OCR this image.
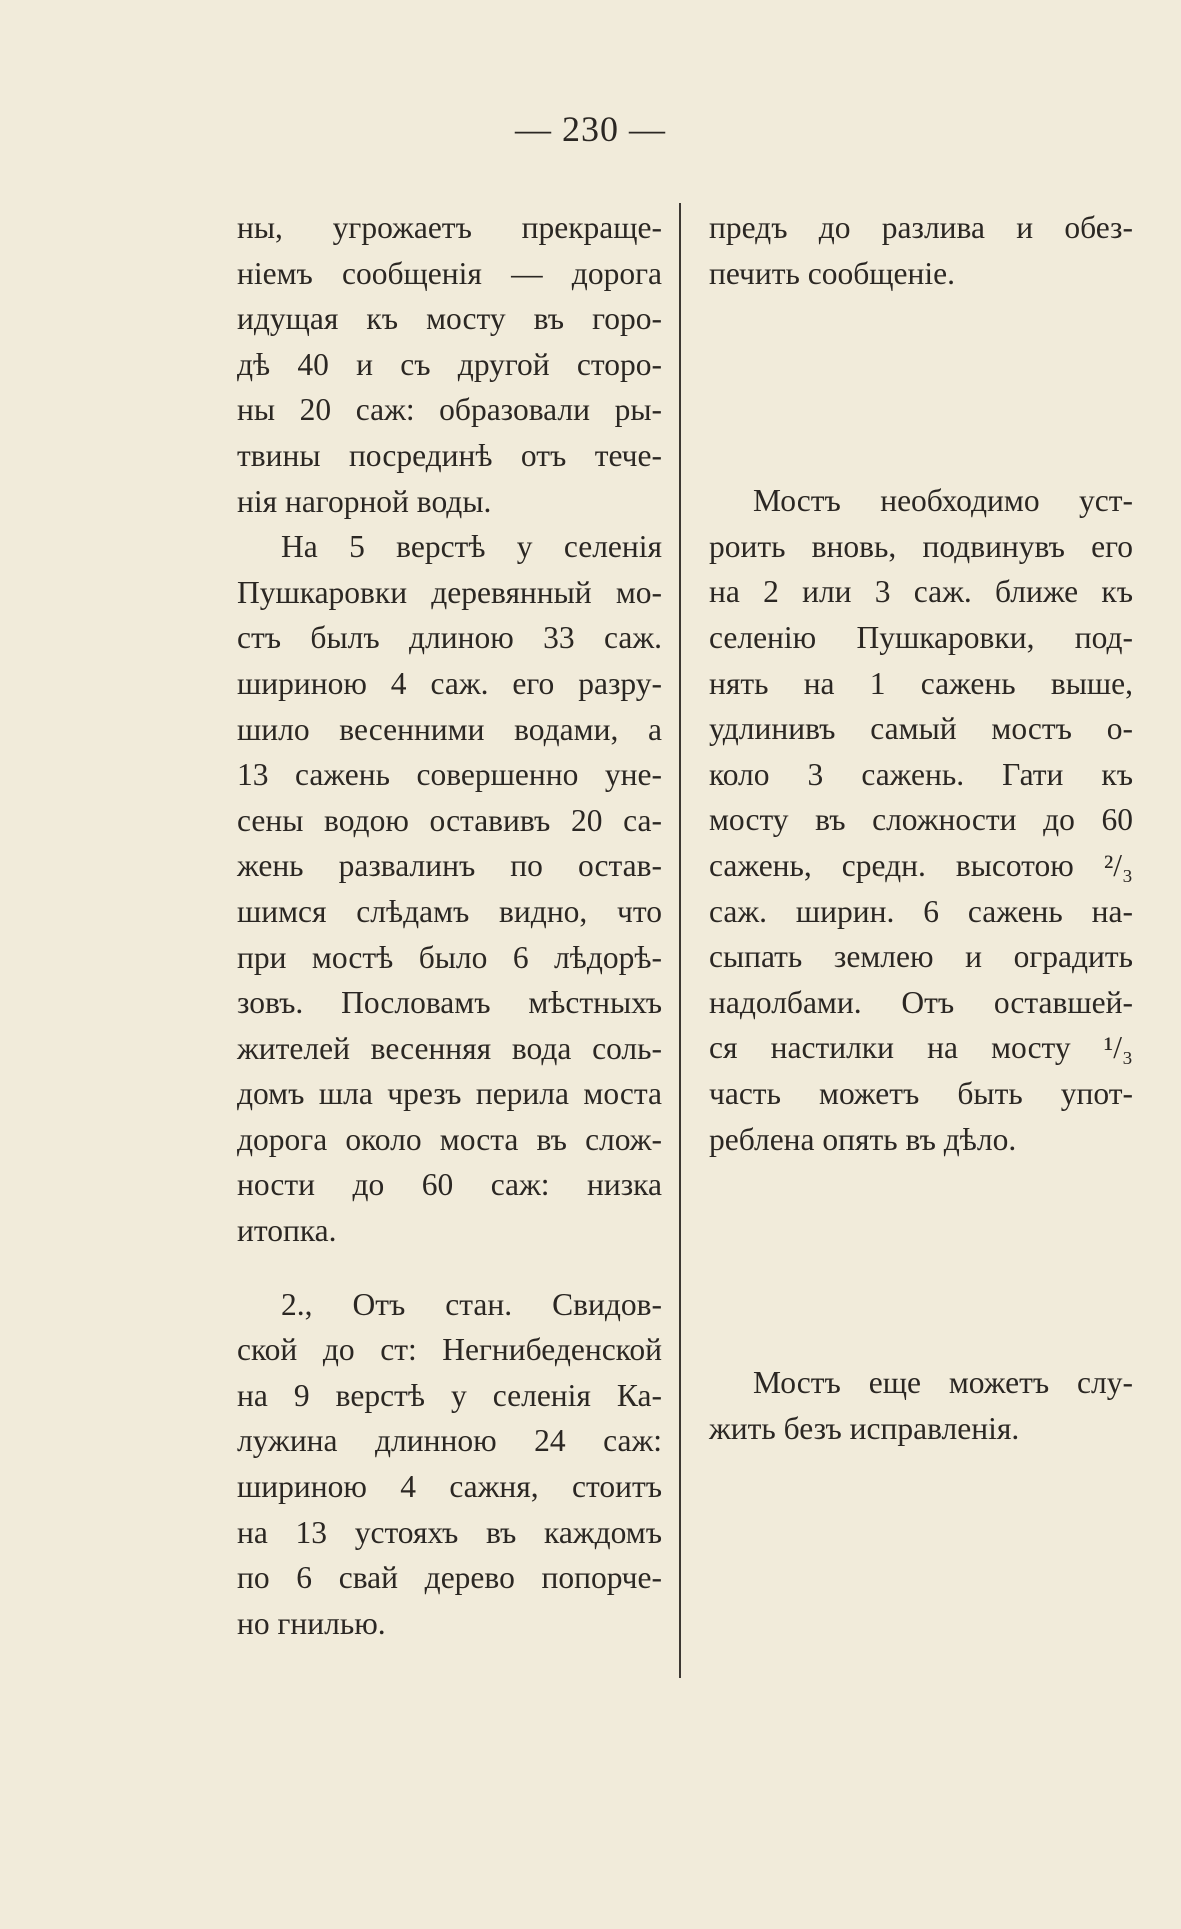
— 230 —

ны, угрожаетъ прекраще-
ніемъ сообщенія — дорога
идущая къ мосту въ горо-
дѣ 40 и съ другой сторо-
ны 20 саж: образовали ры-
твины посрединѣ отъ тече-
нія нагорной воды.

На 5 верстѣ у селенія
Пушкаровки деревянный мо-
стъ былъ длиною 33 саж.
шириною 4 саж. его разру-
шило весенними водами, а
13 сажень совершенно уне-
сены водою оставивъ 20 са-
жень развалинъ по остав-
шимся слѣдамъ видно, что
при мостѣ было 6 лѣдорѣ-
зовъ. Пословамъ мѣстныхъ
жителей весенняя вода соль-
домъ шла чрезъ перила моста
дорога около моста въ слож-
ности до 60 саж: низка
итопка.

2., Отъ стан. Свидов-
ской до ст: Негнибеденской
на 9 верстѣ у селенія Ка-
лужина длинною 24 саж:
шириною 4 сажня, стоитъ
на 13 устояхъ въ каждомъ
по 6 свай дерево попорче-
но гнилью.

предъ до разлива и обез-
печить сообщеніе.

Мостъ необходимо уст-
роить вновь, подвинувъ его
на 2 или 3 саж. ближе къ
селенію Пушкаровки, под-
нять на 1 сажень выше,
удлинивъ самый мостъ о-
коло 3 сажень. Гати къ
мосту въ сложности до 60
сажень, средн. высотою ²/₃
саж. ширин. 6 сажень на-
сыпать землею и оградить
надолбами. Отъ оставшей-
ся настилки на мосту ¹/₃
часть можетъ быть упот-
реблена опять въ дѣло.

Мостъ еще можетъ слу-
жить безъ исправленія.
